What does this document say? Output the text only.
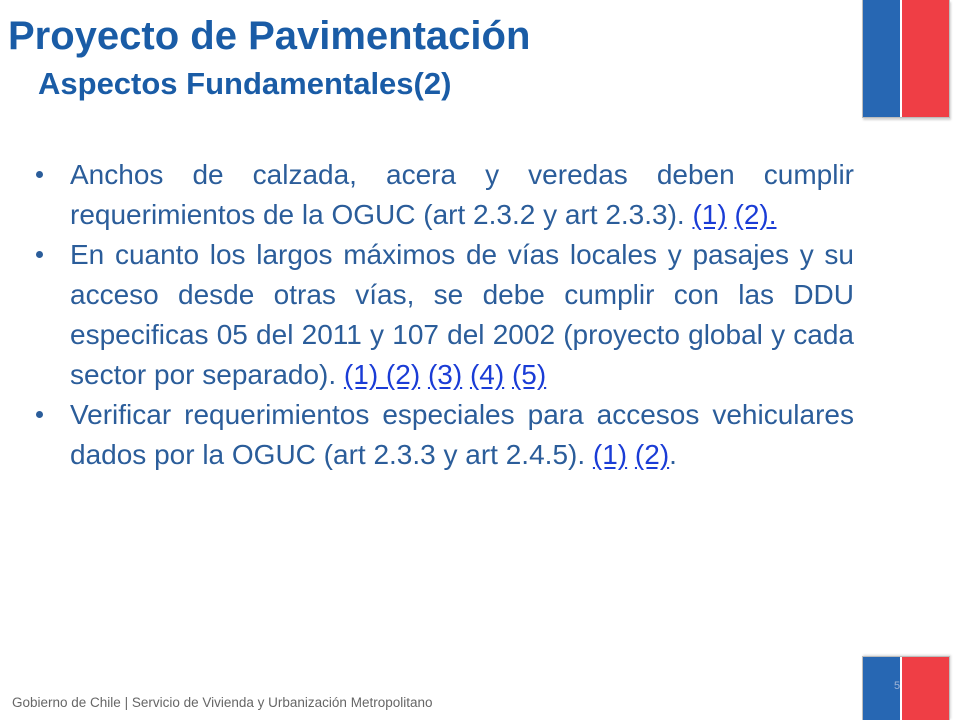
Proyecto de Pavimentación
Aspectos Fundamentales(2)
Anchos de calzada, acera y veredas deben cumplir requerimientos de la OGUC (art 2.3.2 y art 2.3.3). (1) (2).
En cuanto los largos máximos de vías locales y pasajes y su acceso desde otras vías, se debe cumplir con las DDU especificas 05 del 2011 y 107 del 2002 (proyecto global y cada sector por separado). (1) (2) (3) (4) (5)
Verificar requerimientos especiales para accesos vehiculares dados por la OGUC (art 2.3.3 y art 2.4.5). (1) (2).
5
Gobierno de Chile | Servicio de Vivienda y Urbanización Metropolitano
